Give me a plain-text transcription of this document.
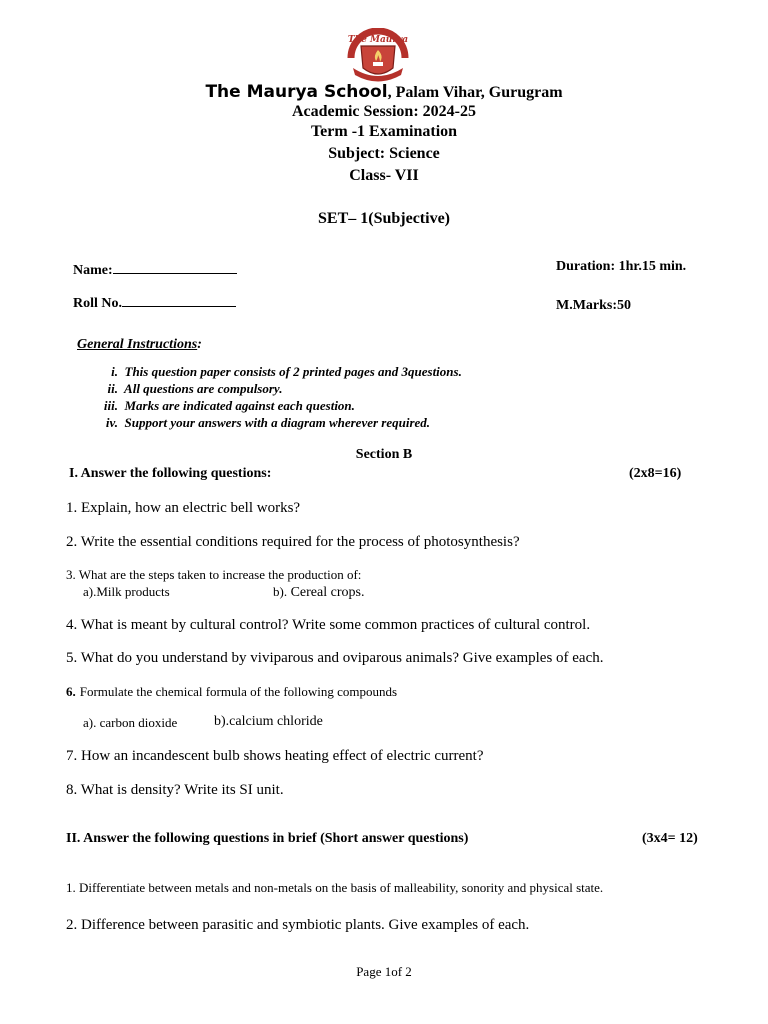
The Maurya
The Maurya School, Palam Vihar, Gurugram
Academic Session: 2024-25
Term -1 Examination
Subject: Science
Class- VII
SET– 1(Subjective)
Name:
Roll No.
Duration: 1hr.15 min.
M.Marks:50
General Instructions:
i. This question paper consists of 2 printed pages and 3questions.
ii. All questions are compulsory.
iii. Marks are indicated against each question.
iv. Support your answers with a diagram wherever required.
Section B
I. Answer the following questions:	(2x8=16)
1. Explain, how an electric bell works?
2. Write the essential conditions required for the process of photosynthesis?
3. What are the steps taken to increase the production of:
a).Milk products	b). Cereal crops.
4. What is meant by cultural control? Write some common practices of cultural control.
5. What do you understand by viviparous and oviparous animals? Give examples of each.
6. Formulate the chemical formula of the following compounds
a). carbon dioxide	b).calcium chloride
7. How an incandescent bulb shows heating effect of electric current?
8. What is density? Write its SI unit.
II. Answer the following questions in brief (Short answer questions)	(3x4= 12)
1. Differentiate between metals and non-metals on the basis of malleability, sonority and physical state.
2. Difference between parasitic and symbiotic plants. Give examples of each.
Page 1of 2
